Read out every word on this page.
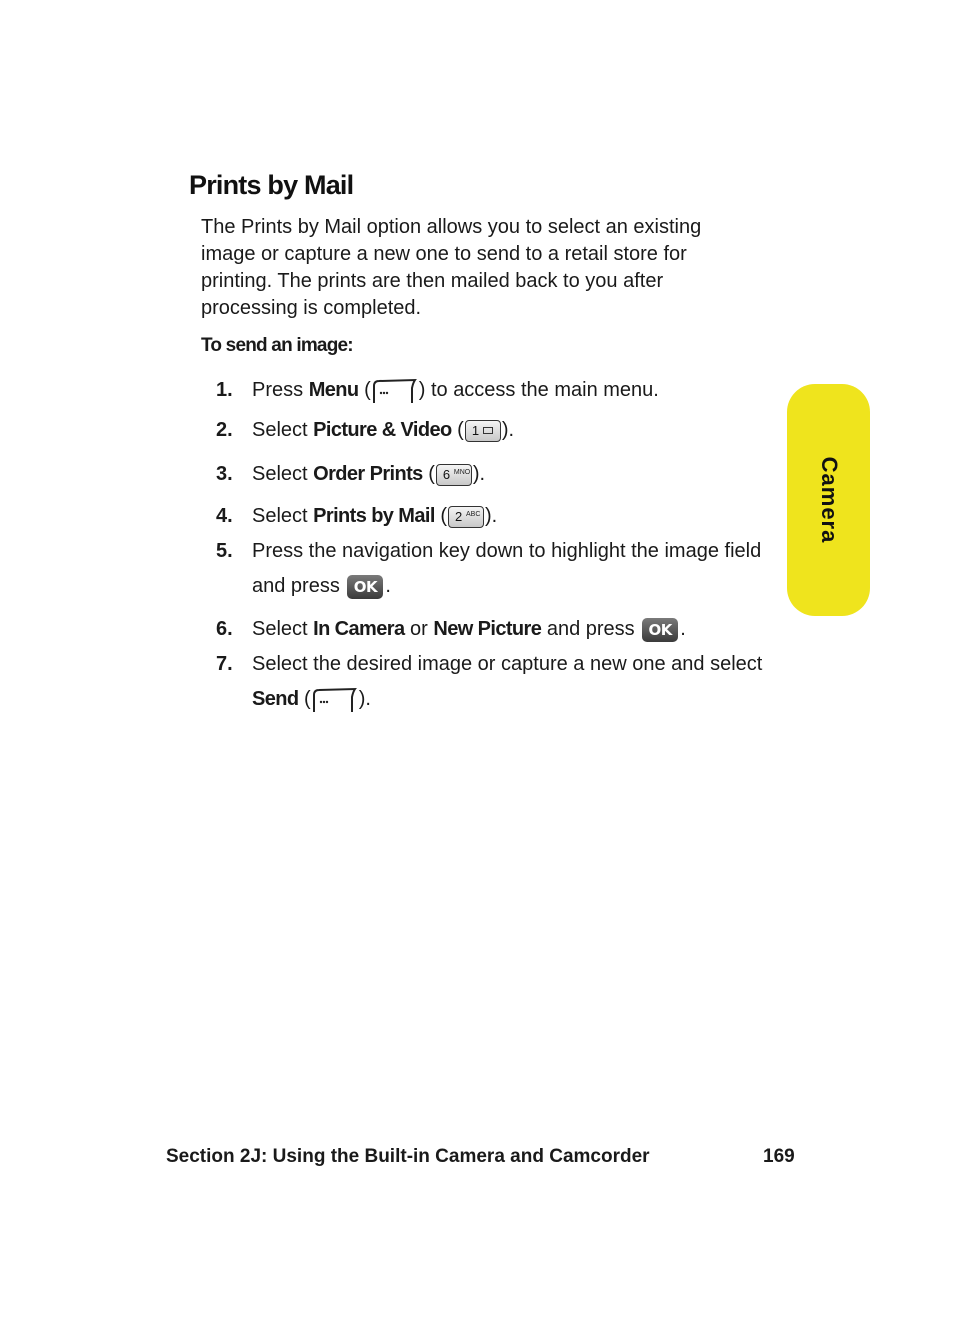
Prints by Mail

The Prints by Mail option allows you to select an existing image or capture a new one to send to a retail store for printing. The prints are then mailed back to you after processing is completed.

To send an image:

1. Press Menu ( ) to access the main menu.
2. Select Picture & Video ( 1 ).
3. Select Order Prints ( 6 MNO ).
4. Select Prints by Mail ( 2 ABC ).
5. Press the navigation key down to highlight the image field and press OK .
6. Select In Camera or New Picture and press OK .
7. Select the desired image or capture a new one and select Send ( ).
Camera

Section 2J: Using the Built-in Camera and Camcorder	169
